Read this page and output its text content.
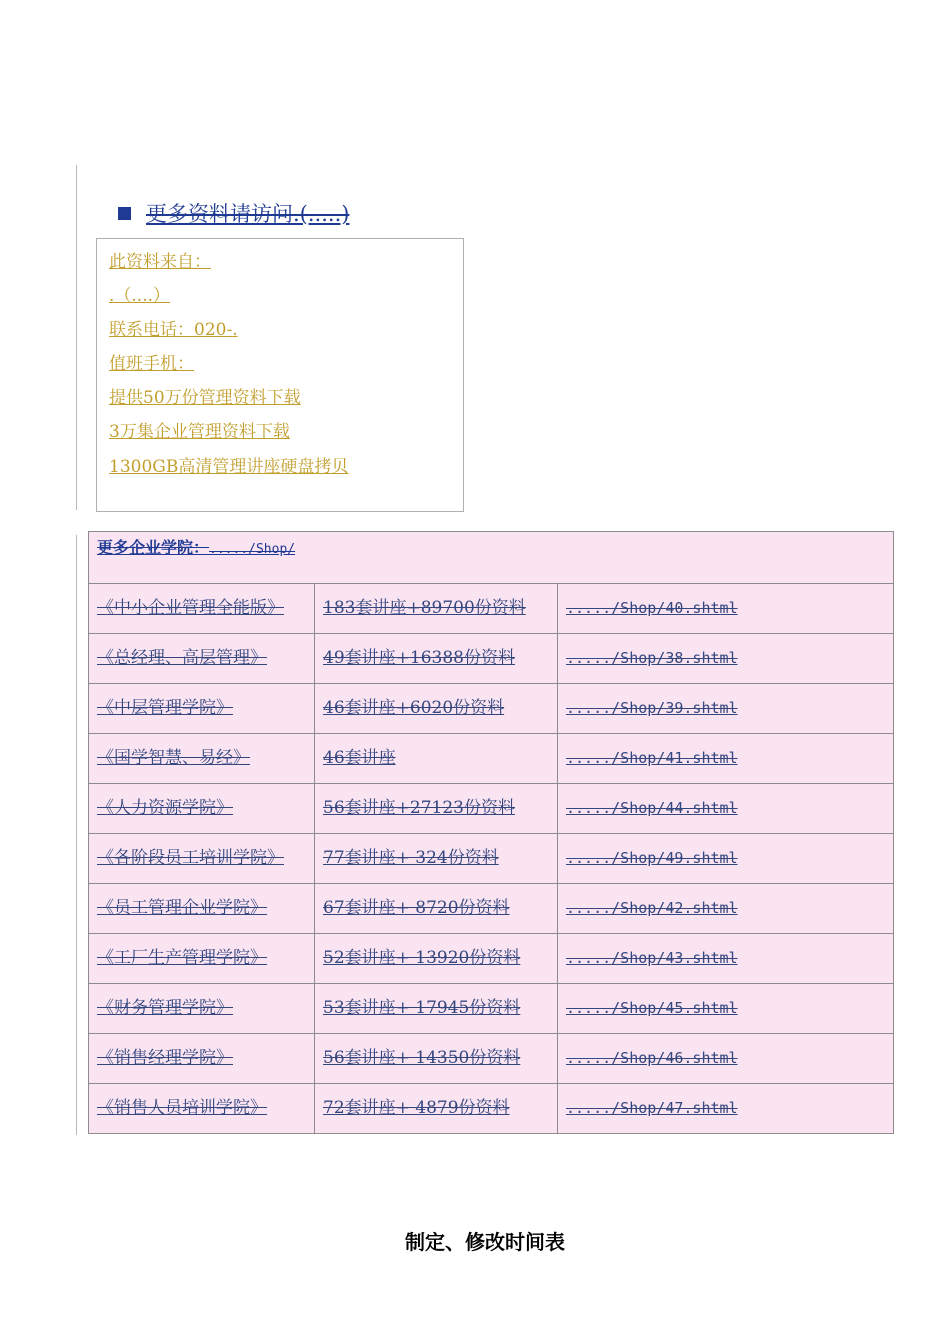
更多资料请访问.(.....)
此资料来自：
.（....）
联系电话：020-.
值班手机：
提供50万份管理资料下载
3万集企业管理资料下载
1300GB高清管理讲座硬盘拷贝
更多企业学院：...../Shop/		
《中小企业管理全能版》	183套讲座+89700份资料	...../Shop/40.shtml
《总经理、高层管理》	49套讲座+16388份资料	...../Shop/38.shtml
《中层管理学院》	46套讲座+6020份资料	...../Shop/39.shtml
《国学智慧、易经》	46套讲座	...../Shop/41.shtml
《人力资源学院》	56套讲座+27123份资料	...../Shop/44.shtml
《各阶段员工培训学院》	77套讲座+ 324份资料	...../Shop/49.shtml
《员工管理企业学院》	67套讲座+ 8720份资料	...../Shop/42.shtml
《工厂生产管理学院》	52套讲座+ 13920份资料	...../Shop/43.shtml
《财务管理学院》	53套讲座+ 17945份资料	...../Shop/45.shtml
《销售经理学院》	56套讲座+ 14350份资料	...../Shop/46.shtml
《销售人员培训学院》	72套讲座+ 4879份资料	...../Shop/47.shtml
制定、修改时间表
